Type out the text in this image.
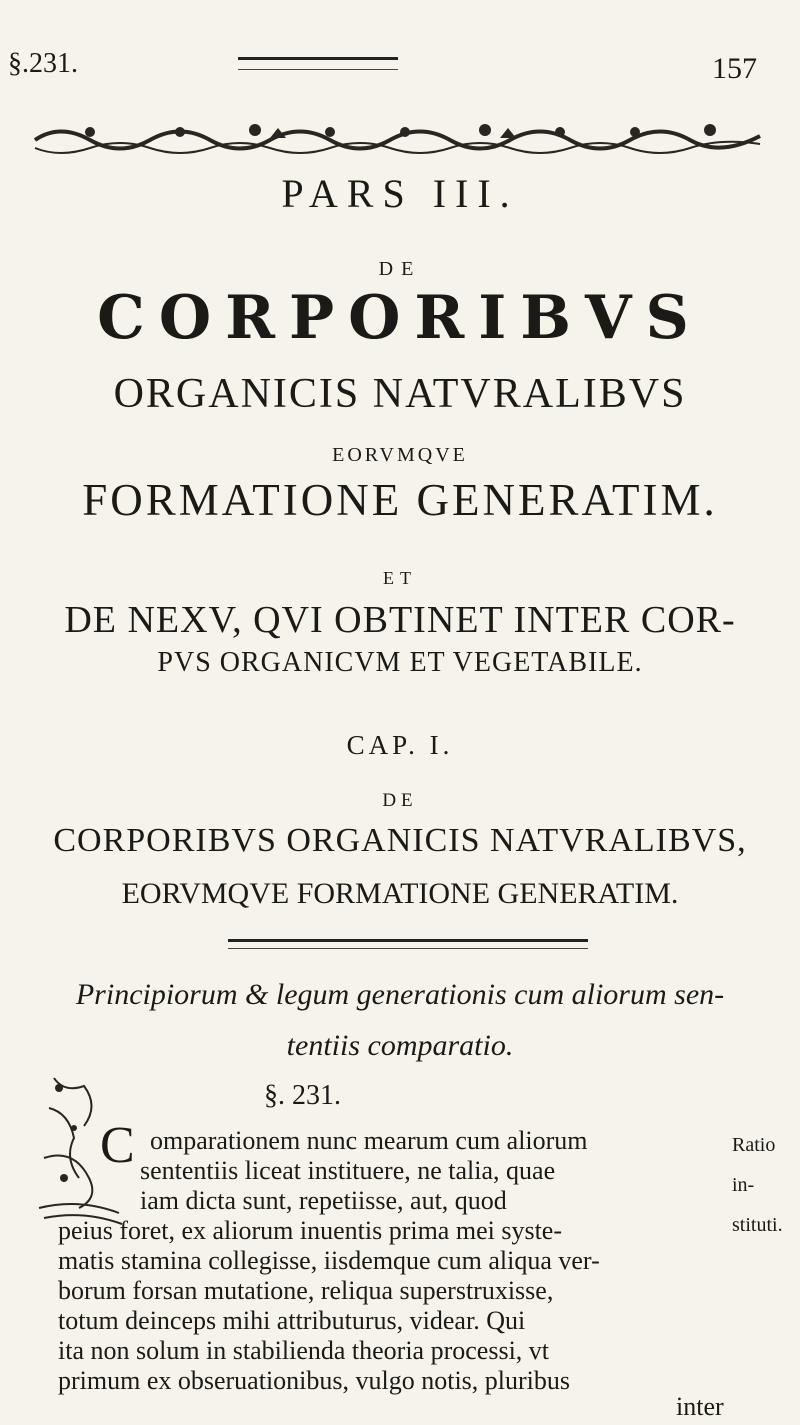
§.231.	157
PARS III.
DE
CORPORIBVS
ORGANICIS NATVRALIBVS
EORVMQVE
FORMATIONE GENERATIM.
ET
DE NEXV, QVI OBTINET INTER COR-
PVS ORGANICVM ET VEGETABILE.
CAP. I.
DE
CORPORIBVS ORGANICIS NATVRALIBVS,
EORVMQVE FORMATIONE GENERATIM.
Principiorum & legum generationis cum aliorum sen-
tentiis comparatio.
§. 231.
C	Ratio in-
stituti.
omparationem nunc mearum cum aliorum
sententiis liceat instituere, ne talia, quae
iam dicta sunt, repetiisse, aut, quod
peius foret, ex aliorum inuentis prima mei syste-
matis stamina collegisse, iisdemque cum aliqua ver-
borum forsan mutatione, reliqua superstruxisse,
totum deinceps mihi attributurus, videar. Qui
ita non solum in stabilienda theoria processi, vt
primum ex obseruationibus, vulgo notis, pluribus
inter
